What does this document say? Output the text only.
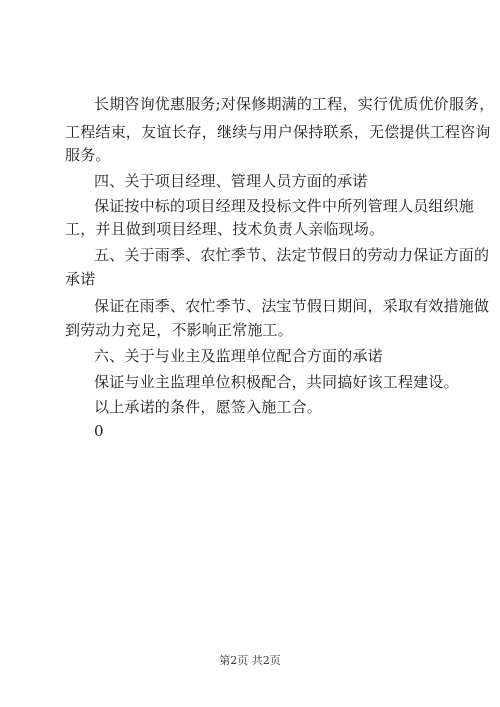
长期咨询优惠服务;对保修期满的工程，实行优质优价服务，
工程结束，友谊长存，继续与用户保持联系，无偿提供工程咨询
服务。
四、关于项目经理、管理人员方面的承诺
保证按中标的项目经理及投标文件中所列管理人员组织施
工，并且做到项目经理、技术负责人亲临现场。
五、关于雨季、农忙季节、法定节假日的劳动力保证方面的
承诺
保证在雨季、农忙季节、法宝节假日期间，采取有效措施做
到劳动力充足，不影响正常施工。
六、关于与业主及监理单位配合方面的承诺
保证与业主监理单位积极配合，共同搞好该工程建设。
以上承诺的条件，愿签入施工合。
0
第2页 共2页
